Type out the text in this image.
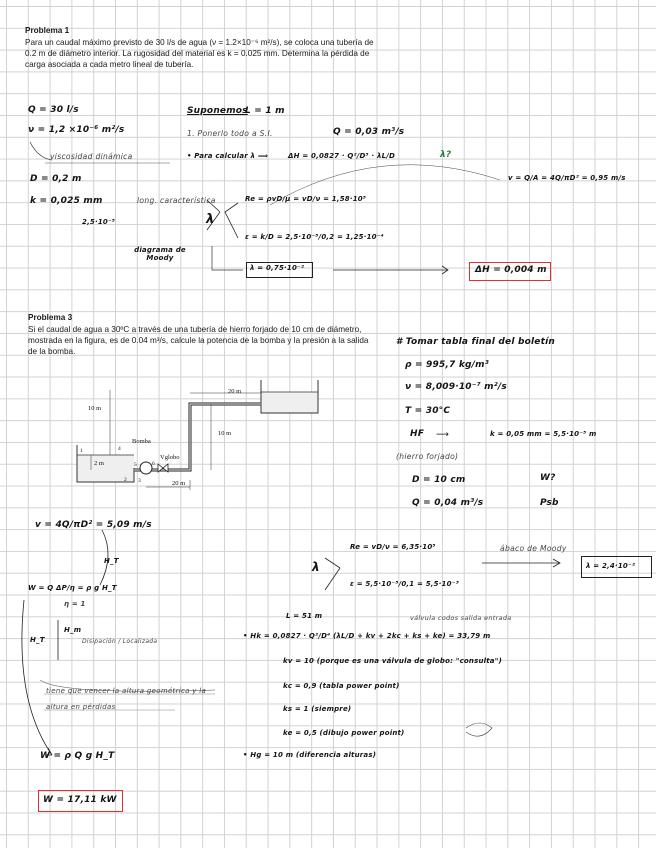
Problema 1
Para un caudal máximo previsto de 30 l/s de agua (ν = 1.2×10⁻⁶ m²/s), se coloca una tubería de 0.2 m de diámetro interior. La rugosidad del material es k = 0.025 mm. Determina la pérdida de carga asociada a cada metro lineal de tubería.
Q = 30 l/s
ν = 1,2 ×10⁻⁶ m²/s
viscosidad dinámica
D = 0,2 m
k = 0,025 mm
2,5·10⁻⁵
long. característica
Suponemos
L = 1 m
1. Ponerlo todo a S.I.	Q = 0,03 m³/s
• Para calcular λ ⟹	ΔH = 0,0827 · Q²/D⁵ · λL/D	λ?
v = Q/A = 4Q/πD² = 0,95 m/s
λ
Re = ρvD/μ = vD/ν = 1,58·10⁵
ε = k/D = 2,5·10⁻⁵/0,2 = 1,25·10⁻⁴
diagrama de Moody
λ = 0,75·10⁻²	ΔH = 0,004 m
Problema 3
Si el caudal de agua a 30ºC a través de una tubería de hierro forjado de 10 cm de diámetro, mostrada en la figura, es de 0.04 m³/s, calcule la potencia de la bomba y la presión a la salida de la bomba.
20 m
10 m
10 m
20 m
2 m
Bomba
Vglobo
1
2 3
4
5	6
# Tomar tabla final del boletín
ρ = 995,7 kg/m³
ν = 8,009·10⁻⁷ m²/s
T = 30°C
HF ⟶	k = 0,05 mm = 5,5·10⁻⁵ m
(hierro forjado)
D = 10 cm	W?
Q = 0,04 m³/s	Psb
v = 4Q/πD² = 5,09 m/s
Re = vD/ν = 6,35·10⁵
ε = 5,5·10⁻⁵/0,1 = 5,5·10⁻³
λ
ábaco de Moody
λ = 2,4·10⁻²
W = Q ΔP/η = ρ g H_T
η = 1
H_T
H_T
H_m
Disipación / Localizada
tiene que vencer la altura geométrica y la altura en pérdidas
L = 51 m	válvula codos salida entrada
• Hk = 0,0827 · Q²/D⁴ (λL/D + kv + 2kc + ks + ke) = 33,79 m
kv = 10 (porque es una válvula de globo: "consulta")
kc = 0,9 (tabla power point)
ks = 1 (siempre)
ke = 0,5 (dibujo power point)
• Hg = 10 m (diferencia alturas)
W = ρ Q g H_T
W = 17,11 kW
